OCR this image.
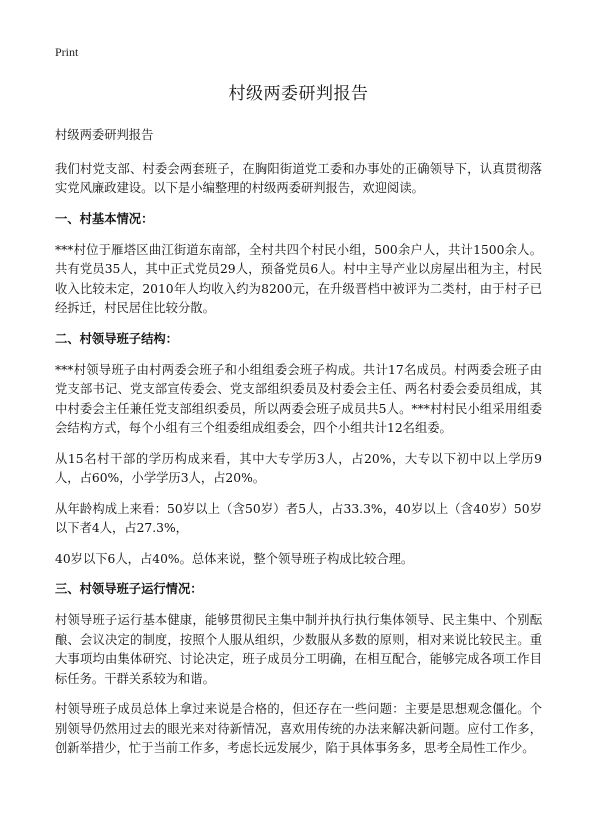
Print
村级两委研判报告

村级两委研判报告

我们村党支部、村委会两套班子，在胸阳街道党工委和办事处的正确领导下，认真贯彻落实党风廉政建设。以下是小编整理的村级两委研判报告，欢迎阅读。

一、村基本情况：

***村位于雁塔区曲江街道东南部，全村共四个村民小组，500余户人，共计1500余人。共有党员35人，其中正式党员29人，预备党员6人。村中主导产业以房屋出租为主，村民收入比较未定，2010年人均收入约为8200元，在升级晋档中被评为二类村，由于村子已经拆迁，村民居住比较分散。

二、村领导班子结构：

***村领导班子由村两委会班子和小组组委会班子构成。共计17名成员。村两委会班子由党支部书记、党支部宣传委会、党支部组织委员及村委会主任、两名村委会委员组成，其中村委会主任兼任党支部组织委员，所以两委会班子成员共5人。***村村民小组采用组委会结构方式，每个小组有三个组委组成组委会，四个小组共计12名组委。

从15名村干部的学历构成来看，其中大专学历3人，占20%，大专以下初中以上学历9人，占60%，小学学历3人，占20%。

从年龄构成上来看：50岁以上（含50岁）者5人，占33.3%，40岁以上（含40岁）50岁以下者4人，占27.3%，

40岁以下6人，占40%。总体来说，整个领导班子构成比较合理。

三、村领导班子运行情况：

村领导班子运行基本健康，能够贯彻民主集中制并执行执行集体领导、民主集中、个别酝酿、会议决定的制度，按照个人服从组织，少数服从多数的原则，相对来说比较民主。重大事项均由集体研究、讨论决定，班子成员分工明确，在相互配合，能够完成各项工作目标任务。干群关系较为和谐。

村领导班子成员总体上拿过来说是合格的，但还存在一些问题：主要是思想观念僵化。个别领导仍然用过去的眼光来对待新情况，喜欢用传统的办法来解决新问题。应付工作多，创新举措少，忙于当前工作多，考虑长远发展少，陷于具体事务多，思考全局性工作少。
